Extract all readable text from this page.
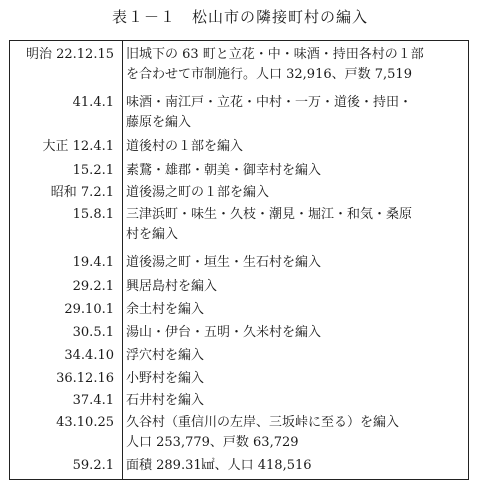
表１－１　松山市の隣接町村の編入
明治 22.12.15 旧城下の 63 町と立花・中・味酒・持田各村の１部
を合わせて市制施行。人口 32,916、戸数 7,519
41.4.1 味酒・南江戸・立花・中村・一万・道後・持田・
藤原を編入
大正 12.4.1 道後村の１部を編入
15.2.1 素鵞・雄郡・朝美・御幸村を編入
昭和 7.2.1 道後湯之町の１部を編入
15.8.1 三津浜町・味生・久枝・潮見・堀江・和気・桑原
村を編入
19.4.1 道後湯之町・垣生・生石村を編入
29.2.1 興居島村を編入
29.10.1 余土村を編入
30.5.1 湯山・伊台・五明・久米村を編入
34.4.10 浮穴村を編入
36.12.16 小野村を編入
37.4.1 石井村を編入
43.10.25 久谷村（重信川の左岸、三坂峠に至る）を編入
人口 253,779、戸数 63,729
59.2.1 面積 289.31㎢、人口 418,516
